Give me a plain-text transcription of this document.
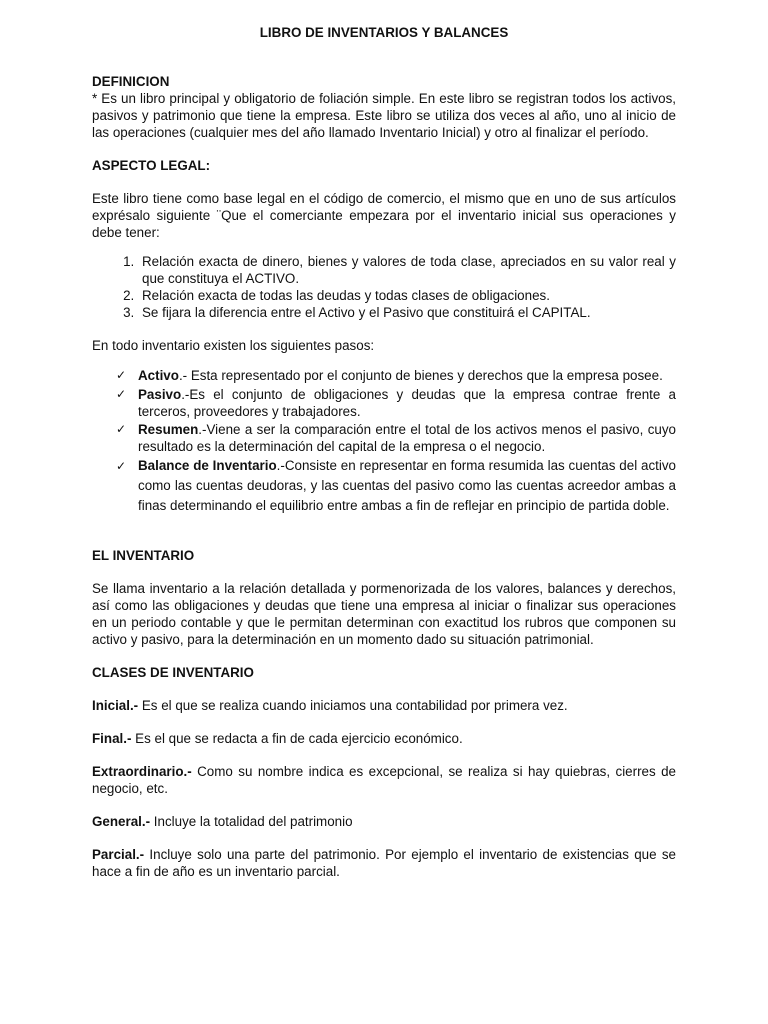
LIBRO DE INVENTARIOS Y BALANCES
DEFINICION

* Es un libro principal y obligatorio de foliación simple. En este libro se registran todos los activos, pasivos y patrimonio que tiene la empresa. Este libro se utiliza dos veces al año, uno al inicio de las operaciones (cualquier mes del año llamado Inventario Inicial) y otro al finalizar el período.

ASPECTO LEGAL:

Este libro tiene como base legal en el código de comercio, el mismo que en uno de sus artículos exprésalo siguiente ¨Que el comerciante empezara por el inventario inicial sus operaciones y debe tener:

1. Relación exacta de dinero, bienes y valores de toda clase, apreciados en su valor real y que constituya el ACTIVO.
2. Relación exacta de todas las deudas y todas clases de obligaciones.
3. Se fijara la diferencia entre el Activo y el Pasivo que constituirá el CAPITAL.

En todo inventario existen los siguientes pasos:

✓ Activo.- Esta representado por el conjunto de bienes y derechos que la empresa posee.
✓ Pasivo.-Es el conjunto de obligaciones y deudas que la empresa contrae frente a terceros, proveedores y trabajadores.
✓ Resumen.-Viene a ser la comparación entre el total de los activos menos el pasivo, cuyo resultado es la determinación del capital de la empresa o el negocio.
✓ Balance de Inventario.-Consiste en representar en forma resumida las cuentas del activo como las cuentas deudoras, y las cuentas del pasivo como las cuentas acreedor ambas a finas determinando el equilibrio entre ambas a fin de reflejar en principio de partida doble.
EL INVENTARIO

Se llama inventario a la relación detallada y pormenorizada de los valores, balances y derechos, así como las obligaciones y deudas que tiene una empresa al iniciar o finalizar sus operaciones en un periodo contable y que le permitan determinan con exactitud los rubros que componen su activo y pasivo, para la determinación en un momento dado su situación patrimonial.

CLASES DE INVENTARIO

Inicial.- Es el que se realiza cuando iniciamos una contabilidad por primera vez.

Final.- Es el que se redacta a fin de cada ejercicio económico.

Extraordinario.- Como su nombre indica es excepcional, se realiza si hay quiebras, cierres de negocio, etc.

General.- Incluye la totalidad del patrimonio

Parcial.- Incluye solo una parte del patrimonio. Por ejemplo el inventario de existencias que se hace a fin de año es un inventario parcial.
